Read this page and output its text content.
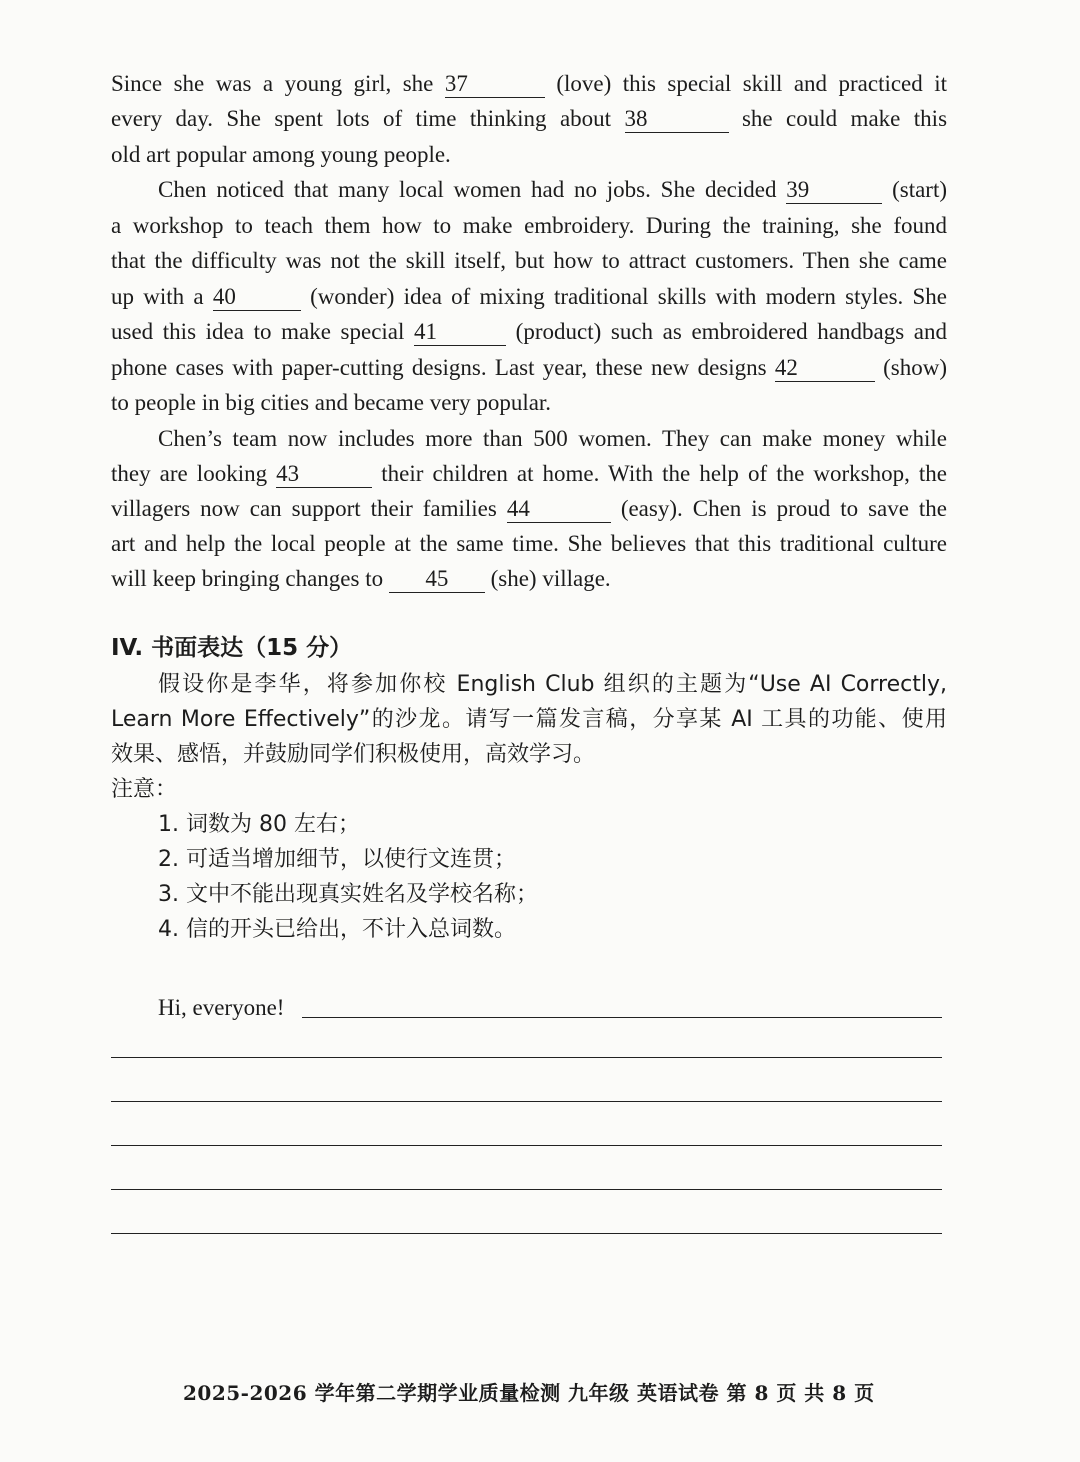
Since she was a young girl, she 37	(love) this special skill and practiced it
every day. She spent lots of time thinking about 38	she could make this
old art popular among young people.
Chen noticed that many local women had no jobs. She decided 39	(start)
a workshop to teach them how to make embroidery. During the training, she found
that the difficulty was not the skill itself, but how to attract customers. Then she came
up with a 40	(wonder) idea of mixing traditional skills with modern styles. She
used this idea to make special 41	(product) such as embroidered handbags and
phone cases with paper-cutting designs. Last year, these new designs 42	(show)
to people in big cities and became very popular.
Chen’s team now includes more than 500 women. They can make money while
they are looking 43	their children at home. With the help of the workshop, the
villagers now can support their families 44	(easy). Chen is proud to save the
art and help the local people at the same time. She believes that this traditional culture
will keep bringing changes to 45 (she) village.
IV. 书面表达（15 分）
假设你是李华，将参加你校 English Club 组织的主题为“Use AI Correctly,
Learn More Effectively”的沙龙。请写一篇发言稿，分享某 AI 工具的功能、使用
效果、感悟，并鼓励同学们积极使用，高效学习。
注意：
1. 词数为 80 左右；
2. 可适当增加细节，以使行文连贯；
3. 文中不能出现真实姓名及学校名称；
4. 信的开头已给出，不计入总词数。
Hi, everyone!
2025-2026 学年第二学期学业质量检测 九年级 英语试卷 第 8 页 共 8 页
